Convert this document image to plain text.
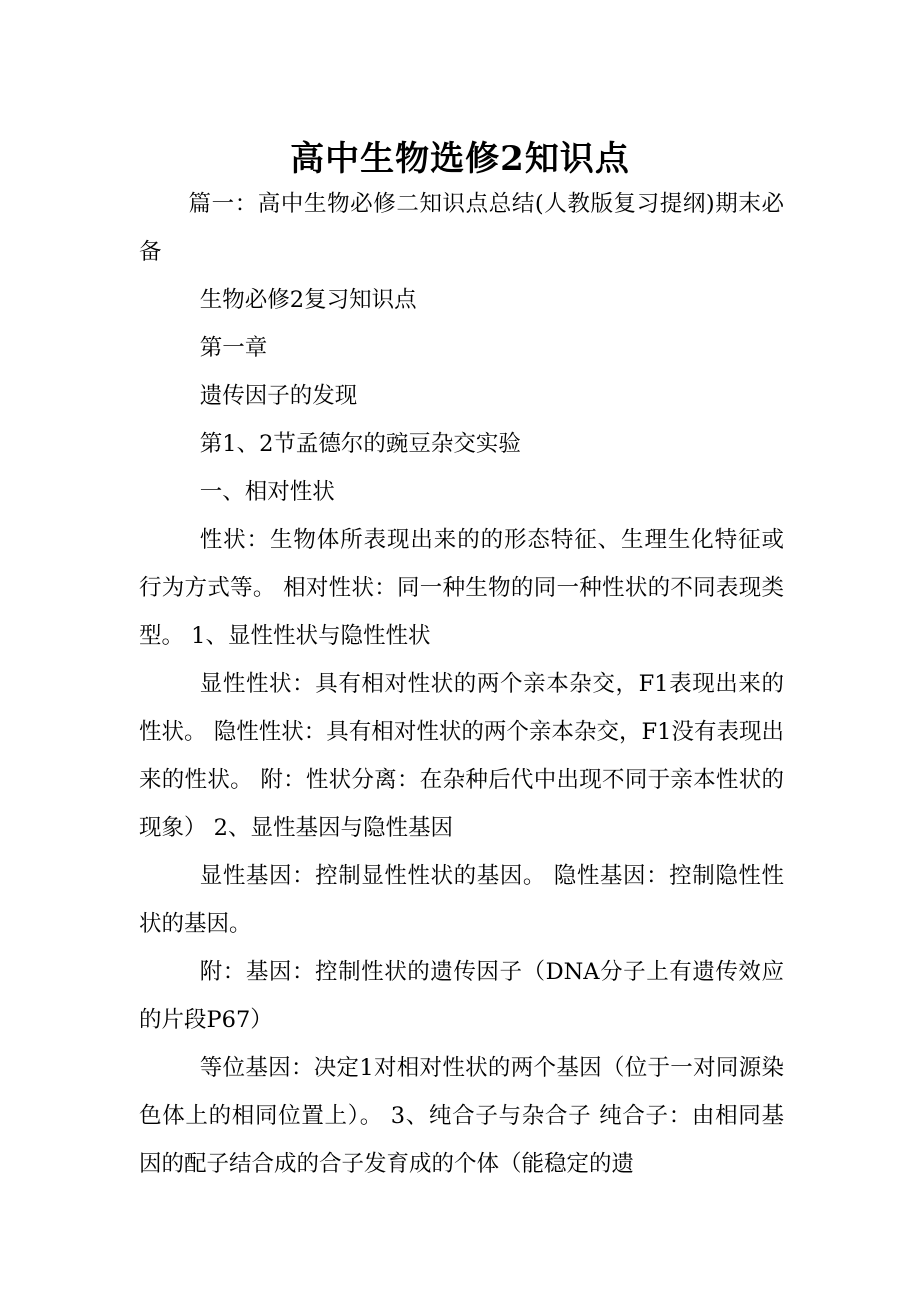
高中生物选修2知识点

篇一：高中生物必修二知识点总结(人教版复习提纲)期末必备

生物必修2复习知识点

第一章

遗传因子的发现

第1、2节孟德尔的豌豆杂交实验

一、相对性状

性状：生物体所表现出来的的形态特征、生理生化特征或行为方式等。 相对性状：同一种生物的同一种性状的不同表现类型。 1、显性性状与隐性性状

显性性状：具有相对性状的两个亲本杂交，F1表现出来的性状。 隐性性状：具有相对性状的两个亲本杂交，F1没有表现出来的性状。 附：性状分离：在杂种后代中出现不同于亲本性状的现象） 2、显性基因与隐性基因

显性基因：控制显性性状的基因。 隐性基因：控制隐性性状的基因。

附：基因：控制性状的遗传因子（DNA分子上有遗传效应的片段P67）

等位基因：决定1对相对性状的两个基因（位于一对同源染色体上的相同位置上）。 3、纯合子与杂合子 纯合子：由相同基因的配子结合成的合子发育成的个体（能稳定的遗
